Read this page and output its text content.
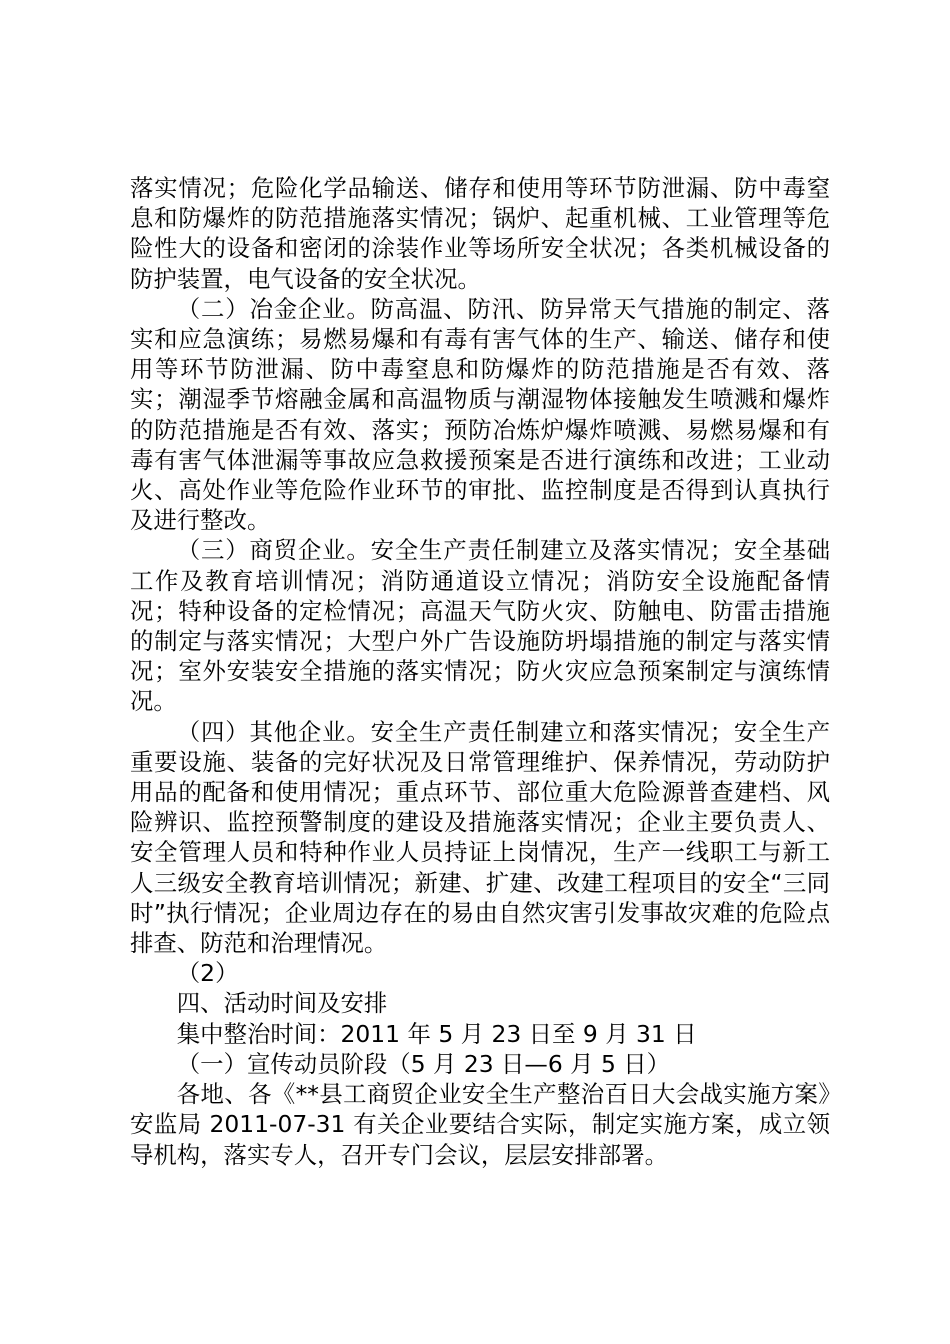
落实情况；危险化学品输送、储存和使用等环节防泄漏、防中毒窒息和防爆炸的防范措施落实情况；锅炉、起重机械、工业管理等危险性大的设备和密闭的涂装作业等场所安全状况；各类机械设备的防护装置，电气设备的安全状况。

（二）冶金企业。防高温、防汛、防异常天气措施的制定、落实和应急演练；易燃易爆和有毒有害气体的生产、输送、储存和使用等环节防泄漏、防中毒窒息和防爆炸的防范措施是否有效、落实；潮湿季节熔融金属和高温物质与潮湿物体接触发生喷溅和爆炸的防范措施是否有效、落实；预防冶炼炉爆炸喷溅、易燃易爆和有毒有害气体泄漏等事故应急救援预案是否进行演练和改进；工业动火、高处作业等危险作业环节的审批、监控制度是否得到认真执行及进行整改。

（三）商贸企业。安全生产责任制建立及落实情况；安全基础工作及教育培训情况；消防通道设立情况；消防安全设施配备情况；特种设备的定检情况；高温天气防火灾、防触电、防雷击措施的制定与落实情况；大型户外广告设施防坍塌措施的制定与落实情况；室外安装安全措施的落实情况；防火灾应急预案制定与演练情况。

（四）其他企业。安全生产责任制建立和落实情况；安全生产重要设施、装备的完好状况及日常管理维护、保养情况，劳动防护用品的配备和使用情况；重点环节、部位重大危险源普查建档、风险辨识、监控预警制度的建设及措施落实情况；企业主要负责人、安全管理人员和特种作业人员持证上岗情况，生产一线职工与新工人三级安全教育培训情况；新建、扩建、改建工程项目的安全“三同时”执行情况；企业周边存在的易由自然灾害引发事故灾难的危险点排查、防范和治理情况。

（2）

四、活动时间及安排

集中整治时间：2011 年 5 月 23 日至 9 月 31 日

（一）宣传动员阶段（5 月 23 日—6 月 5 日）

各地、各《**县工商贸企业安全生产整治百日大会战实施方案》安监局 2011-07-31 有关企业要结合实际，制定实施方案，成立领导机构，落实专人，召开专门会议，层层安排部署。
